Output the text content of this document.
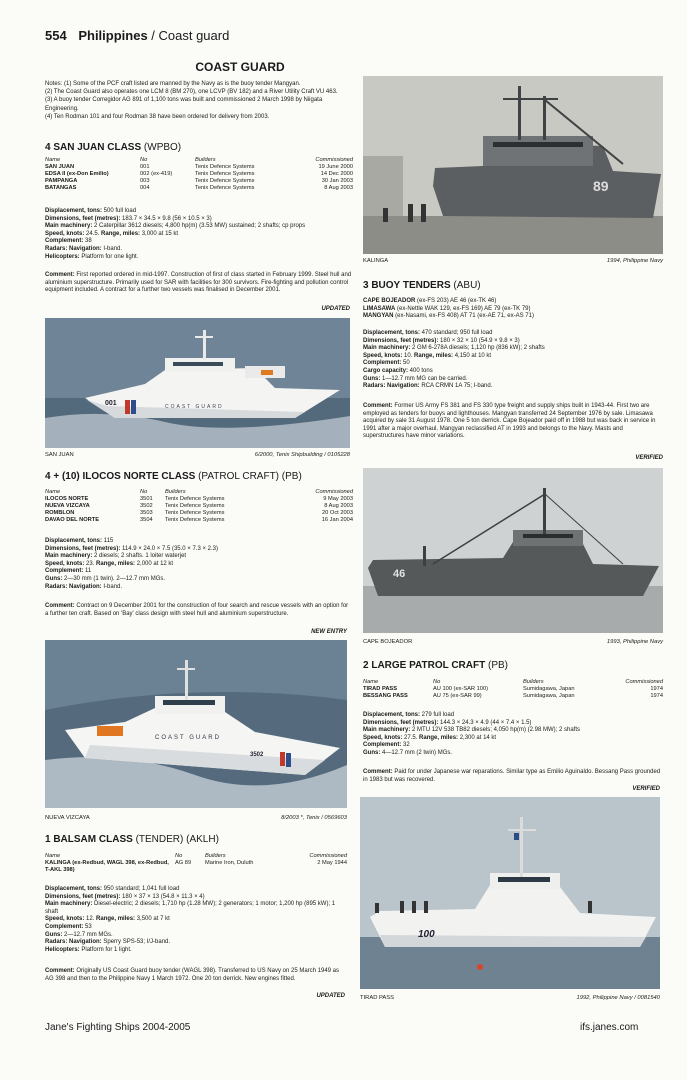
554 Philippines / Coast guard
COAST GUARD
Notes: (1) Some of the PCF craft listed are manned by the Navy as is the buoy tender Mangyan.
(2) The Coast Guard also operates one LCM 8 (BM 270), one LCVP (BV 182) and a River Utility Craft VU 463.
(3) A buoy tender Corregidor AG 891 of 1,100 tons was built and commissioned 2 March 1998 by Niigata Engineering.
(4) Ten Rodman 101 and four Rodman 38 have been ordered for delivery from 2003.
4 SAN JUAN CLASS (WPBO)
Name	No	Builders	Commissioned
SAN JUAN	001	Tenix Defence Systems	19 June 2000
EDSA II (ex-Don Emilio)	002 (ex-419)	Tenix Defence Systems	14 Dec 2000
PAMPANGA	003	Tenix Defence Systems	30 Jan 2003
BATANGAS	004	Tenix Defence Systems	8 Aug 2003
Displacement, tons: 500 full load
Dimensions, feet (metres): 183.7 × 34.5 × 9.8 (56 × 10.5 × 3)
Main machinery: 2 Caterpillar 3612 diesels; 4,800 hp(m) (3.53 MW) sustained; 2 shafts; cp props
Speed, knots: 24.5. Range, miles: 3,000 at 15 kt
Complement: 38
Radars: Navigation: I-band.
Helicopters: Platform for one light.
Comment: First reported ordered in mid-1997. Construction of first of class started in February 1999. Steel hull and aluminium superstructure. Primarily used for SAR with facilities for 300 survivors. Fire-fighting and pollution control equipment included. A contract for a further two vessels was finalised in December 2001.
UPDATED
001	COAST GUARD
SAN JUAN	6/2000, Tenix Shipbuilding / 0105228
4 + (10) ILOCOS NORTE CLASS (PATROL CRAFT) (PB)
Name	No	Builders	Commissioned
ILOCOS NORTE	3501	Tenix Defence Systems	9 May 2003
NUEVA VIZCAYA	3502	Tenix Defence Systems	8 Aug 2003
ROMBLON	3503	Tenix Defence Systems	20 Oct 2003
DAVAO DEL NORTE	3504	Tenix Defence Systems	16 Jan 2004
Displacement, tons: 115
Dimensions, feet (metres): 114.9 × 24.0 × 7.5 (35.0 × 7.3 × 2.3)
Main machinery: 2 diesels; 2 shafts. 1 loiter waterjet
Speed, knots: 23. Range, miles: 2,000 at 12 kt
Complement: 11
Guns: 2—30 mm (1 twin). 2—12.7 mm MGs.
Radars: Navigation: I-band.
Comment: Contract on 9 December 2001 for the construction of four search and rescue vessels with an option for a further ten craft. Based on 'Bay' class design with steel hull and aluminium superstructure.
NEW ENTRY
COAST GUARD
3502
NUEVA VIZCAYA	8/2003 *, Tenix / 0569603
1 BALSAM CLASS (TENDER) (AKLH)
Name	No	Builders	Commissioned
KALINGA (ex-Redbud, WAGL 398, ex-Redbud, T-AKL 398)	AG 89	Marine Iron, Duluth	2 May 1944
Displacement, tons: 950 standard; 1,041 full load
Dimensions, feet (metres): 180 × 37 × 13 (54.8 × 11.3 × 4)
Main machinery: Diesel-electric; 2 diesels; 1,710 hp (1.28 MW); 2 generators; 1 motor; 1,200 hp (895 kW); 1 shaft
Speed, knots: 12. Range, miles: 3,500 at 7 kt
Complement: 53
Guns: 2—12.7 mm MGs.
Radars: Navigation: Sperry SPS-53; I/J-band.
Helicopters: Platform for 1 light.
Comment: Originally US Coast Guard buoy tender (WAGL 398). Transferred to US Navy on 25 March 1949 as AG 398 and then to the Philippine Navy 1 March 1972. One 20 ton derrick. New engines fitted.
UPDATED
89
KALINGA	1994, Philippine Navy
3 BUOY TENDERS (ABU)
CAPE BOJEADOR (ex-FS 203) AE 46 (ex-TK 46)
LIMASAWA (ex-Nettle WAK 129, ex-FS 169) AE 79 (ex-TK 79)
MANGYAN (ex-Nasami, ex-FS 408) AT 71 (ex-AE 71, ex-AS 71)
Displacement, tons: 470 standard; 950 full load
Dimensions, feet (metres): 180 × 32 × 10 (54.9 × 9.8 × 3)
Main machinery: 2 GM 6-278A diesels; 1,120 hp (836 kW); 2 shafts
Speed, knots: 10. Range, miles: 4,150 at 10 kt
Complement: 50
Cargo capacity: 400 tons
Guns: 1—12.7 mm MG can be carried.
Radars: Navigation: RCA CRMN 1A 75; I-band.
Comment: Former US Army FS 381 and FS 330 type freight and supply ships built in 1943-44. First two are employed as tenders for buoys and lighthouses. Mangyan transferred 24 September 1976 by sale. Limasawa acquired by sale 31 August 1978. One 5 ton derrick. Cape Bojeador paid off in 1988 but was back in service in 1991 after a major overhaul. Mangyan reclassified AT in 1993 and belongs to the Navy. Masts and superstructures have minor variations.
VERIFIED
46
CAPE BOJEADOR	1993, Philippine Navy
2 LARGE PATROL CRAFT (PB)
Name	No	Builders	Commissioned
TIRAD PASS	AU 100 (ex-SAR 100)	Sumidagawa, Japan	1974
BESSANG PASS	AU 75 (ex-SAR 99)	Sumidagawa, Japan	1974
Displacement, tons: 279 full load
Dimensions, feet (metres): 144.3 × 24.3 × 4.9 (44 × 7.4 × 1.5)
Main machinery: 2 MTU 12V 538 TB82 diesels; 4,050 hp(m) (2.98 MW); 2 shafts
Speed, knots: 27.5. Range, miles: 2,300 at 14 kt
Complement: 32
Guns: 4—12.7 mm (2 twin) MGs.
Comment: Paid for under Japanese war reparations. Similar type as Emilio Aguinaldo. Bessang Pass grounded in 1983 but was recovered.
VERIFIED
100
TIRAD PASS	1992, Philippine Navy / 0081540
Jane's Fighting Ships 2004-2005	ifs.janes.com
